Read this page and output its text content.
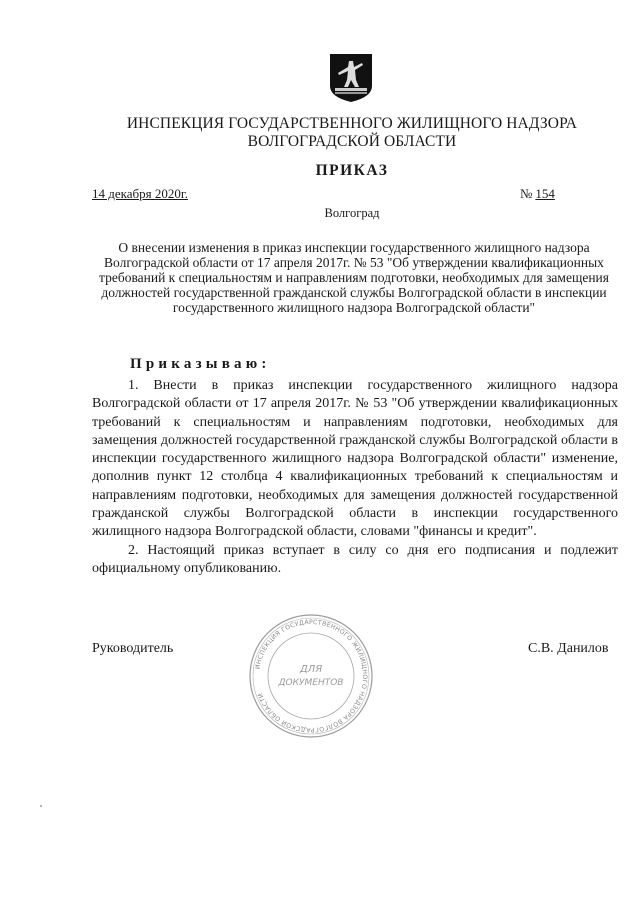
ИНСПЕКЦИЯ ГОСУДАРСТВЕННОГО ЖИЛИЩНОГО НАДЗОРА
ВОЛГОГРАДСКОЙ ОБЛАСТИ
ПРИКАЗ
14 декабря 2020г.	№ 154
Волгоград
О внесении изменения в приказ инспекции государственного жилищного надзора Волгоградской области от 17 апреля 2017г. № 53 "Об утверждении квалификационных требований к специальностям и направлениям подготовки, необходимых для замещения должностей государственной гражданской службы Волгоградской области в инспекции государственного жилищного надзора Волгоградской области"
Приказываю:

1. Внести в приказ инспекции государственного жилищного надзора Волгоградской области от 17 апреля 2017г. № 53 "Об утверждении квалификационных требований к специальностям и направлениям подготовки, необходимых для замещения должностей государственной гражданской службы Волгоградской области в инспекции государственного жилищного надзора Волгоградской области" изменение, дополнив пункт 12 столбца 4 квалификационных требований к специальностям и направлениям подготовки, необходимых для замещения должностей государственной гражданской службы Волгоградской области в инспекции государственного жилищного надзора Волгоградской области, словами "финансы и кредит".

2. Настоящий приказ вступает в силу со дня его подписания и подлежит официальному опубликованию.

Руководитель	С.В. Данилов
ИНСПЕКЦИЯ ГОСУДАРСТВЕННОГО ЖИЛИЩНОГО НАДЗОРА ВОЛГОГРАДСКОЙ ОБЛАСТИ
ДЛЯ
ДОКУМЕНТОВ
